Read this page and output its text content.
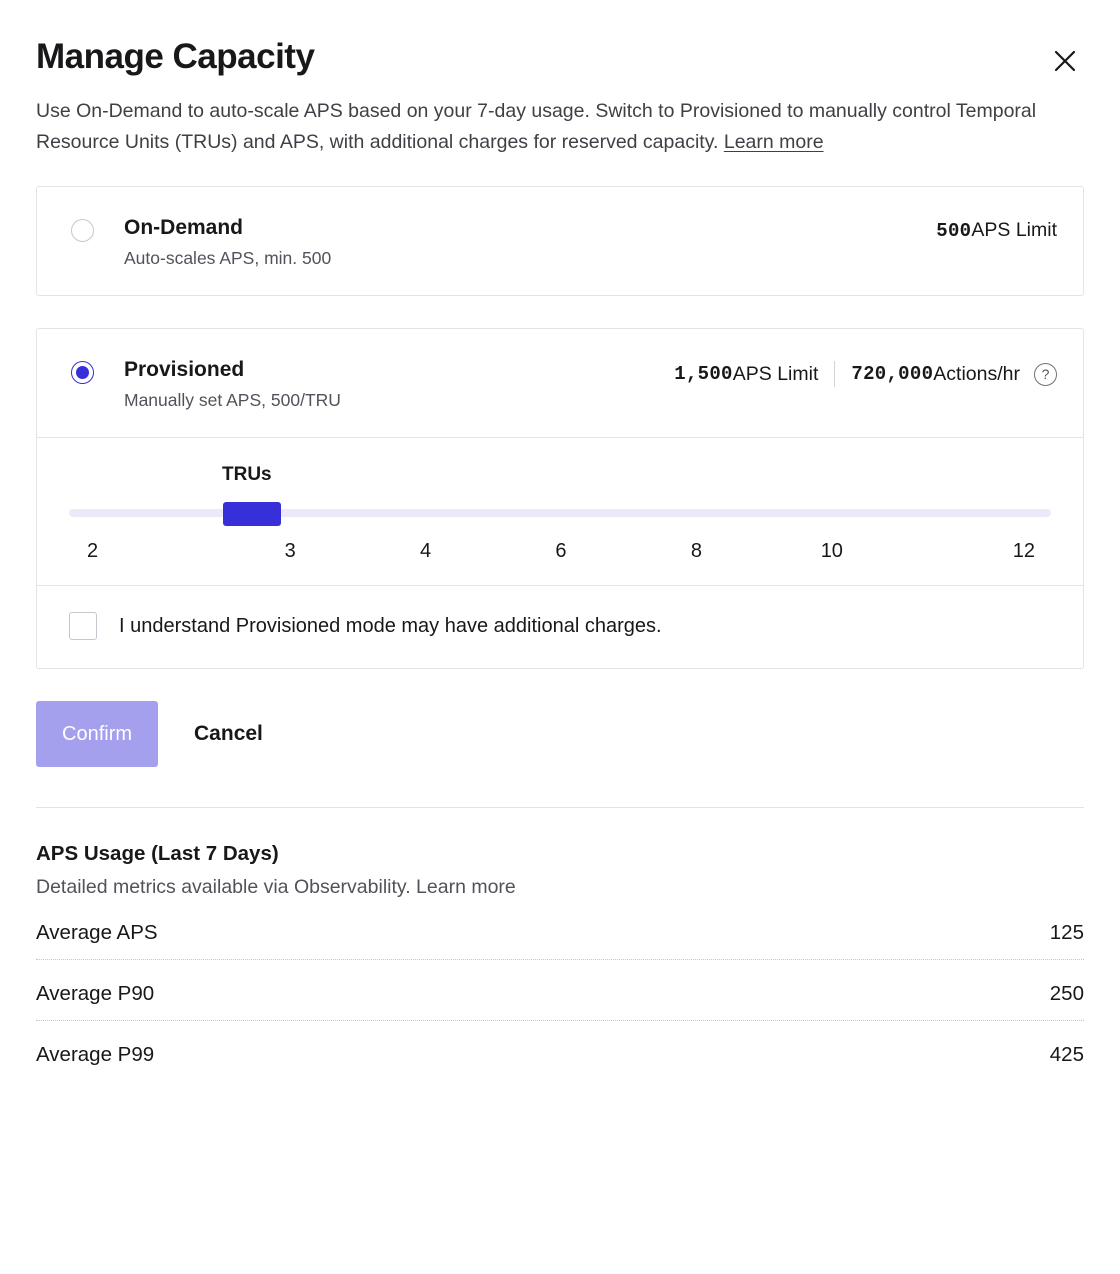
Manage Capacity
Use On-Demand to auto-scale APS based on your 7-day usage. Switch to Provisioned to manually control Temporal Resource Units (TRUs) and APS, with additional charges for reserved capacity. Learn more
On-Demand
Auto-scales APS, min. 500
500 APS Limit
Provisioned
Manually set APS, 500/TRU
1,500 APS Limit 720,000 Actions/hr	?
TRUs
2	3	4	6	8	10	12
I understand Provisioned mode may have additional charges.
Confirm	Cancel
APS Usage (Last 7 Days)
Detailed metrics available via Observability. Learn more
Average APS	125
Average P90	250
Average P99	425
